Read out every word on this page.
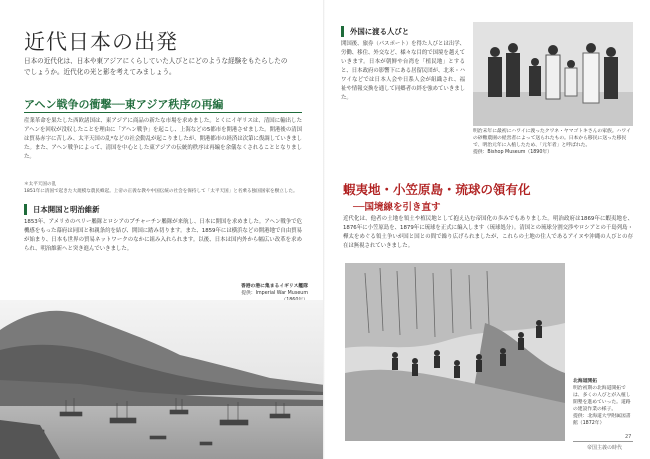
近代日本の出発
日本の近代化は、日本や東アジアにくらしていた人びとにどのような経験をもたらしたのでしょうか。近代化の光と影を考えてみましょう。
アヘン戦争の衝撃──東アジア秩序の再編
産業革命を果たした西欧諸国は、東アジアに商品の新たな市場を求めました。とくにイギリスは、清国に輸出したアヘンを回収が没収したことを理由に「アヘン戦争」を起こし、上海などの5都市を開港させました。開港後の清国は貿易赤字に苦しみ、太平天国の乱*などの社会動乱が起こりましたが、開港都市の経済は次第に復調していきました。また、アヘン戦争によって、清国を中心とした東アジアの伝統的秩序は再編を余儀なくされることとなりました。
＊太平天国の乱
1851年に清国で起きた大規模な農民蜂起。上帝の正義な教や中国伝統の社会を保持して「太平天国」と名乗る独国国家を樹立した。
日本開国と明治維新
1853年、アメリカのペリー艦隊とロシアのプチャーチン艦隊が来航し、日本に開国を求めました。アヘン戦争で危機感をもった幕府は同国と和親条約を結び、開国に踏み切ります。また、1859年には横浜などの開港地で自由貿易が始まり、日本も世界の貿易ネットワークのなかに組み入れられます。以後、日本は国内外から幅広い改革を求められ、明治維新へと突き進んでいきました。
香港の港に集まるイギリス艦隊
提供：Imperial War Museum
外国に渡る人びと
開国後、旅券（パスポート）を得た人びとは出学、労働、移住、外交など、様々な目的で国境を越えていきます。日本が朝鮮や台湾を「植民地」とすると、日本政府の影響下にある居留民団が、北米・ハワイなどでは日本人会や日系人会が組織され、福祉や情報交換を通して同郷者の絆を強めていきました。
明治末年に最初にハワイに渡ったクワネ・ヤマゴトキさんの家族。ハワイの砂糖農園の経営者によって送られたもの。日本から移民に送った移民で、明治元年に入植したため、「元年者」と呼ばれた。
提供：Bishop Museum（1890年）
蝦夷地・小笠原島・琉球の領有化
──国境線を引き直す
近代化は、他者の土地を領土や植民地として抱え込む帝国化の歩みでもありました。明治政府は1869年に蝦夷地を、1876年に小笠原島を、1879年に琉球を正式に編入します（琉球処分）。清国との琉球分割交渉やロシアとの千島列島・樺太をめぐる領土争いが国と国との間で繰り広げられましたが、これらの土地の住人であるアイヌや沖縄の人びとの存在は無視されていきました。
北海道開拓
明治初期の北海道開拓では、多くの人びとが入植し開墾を進めていった。道路の建設作業の様子。
提供：北海道大学附属図書館（1872年）
帝国主義の時代
27
